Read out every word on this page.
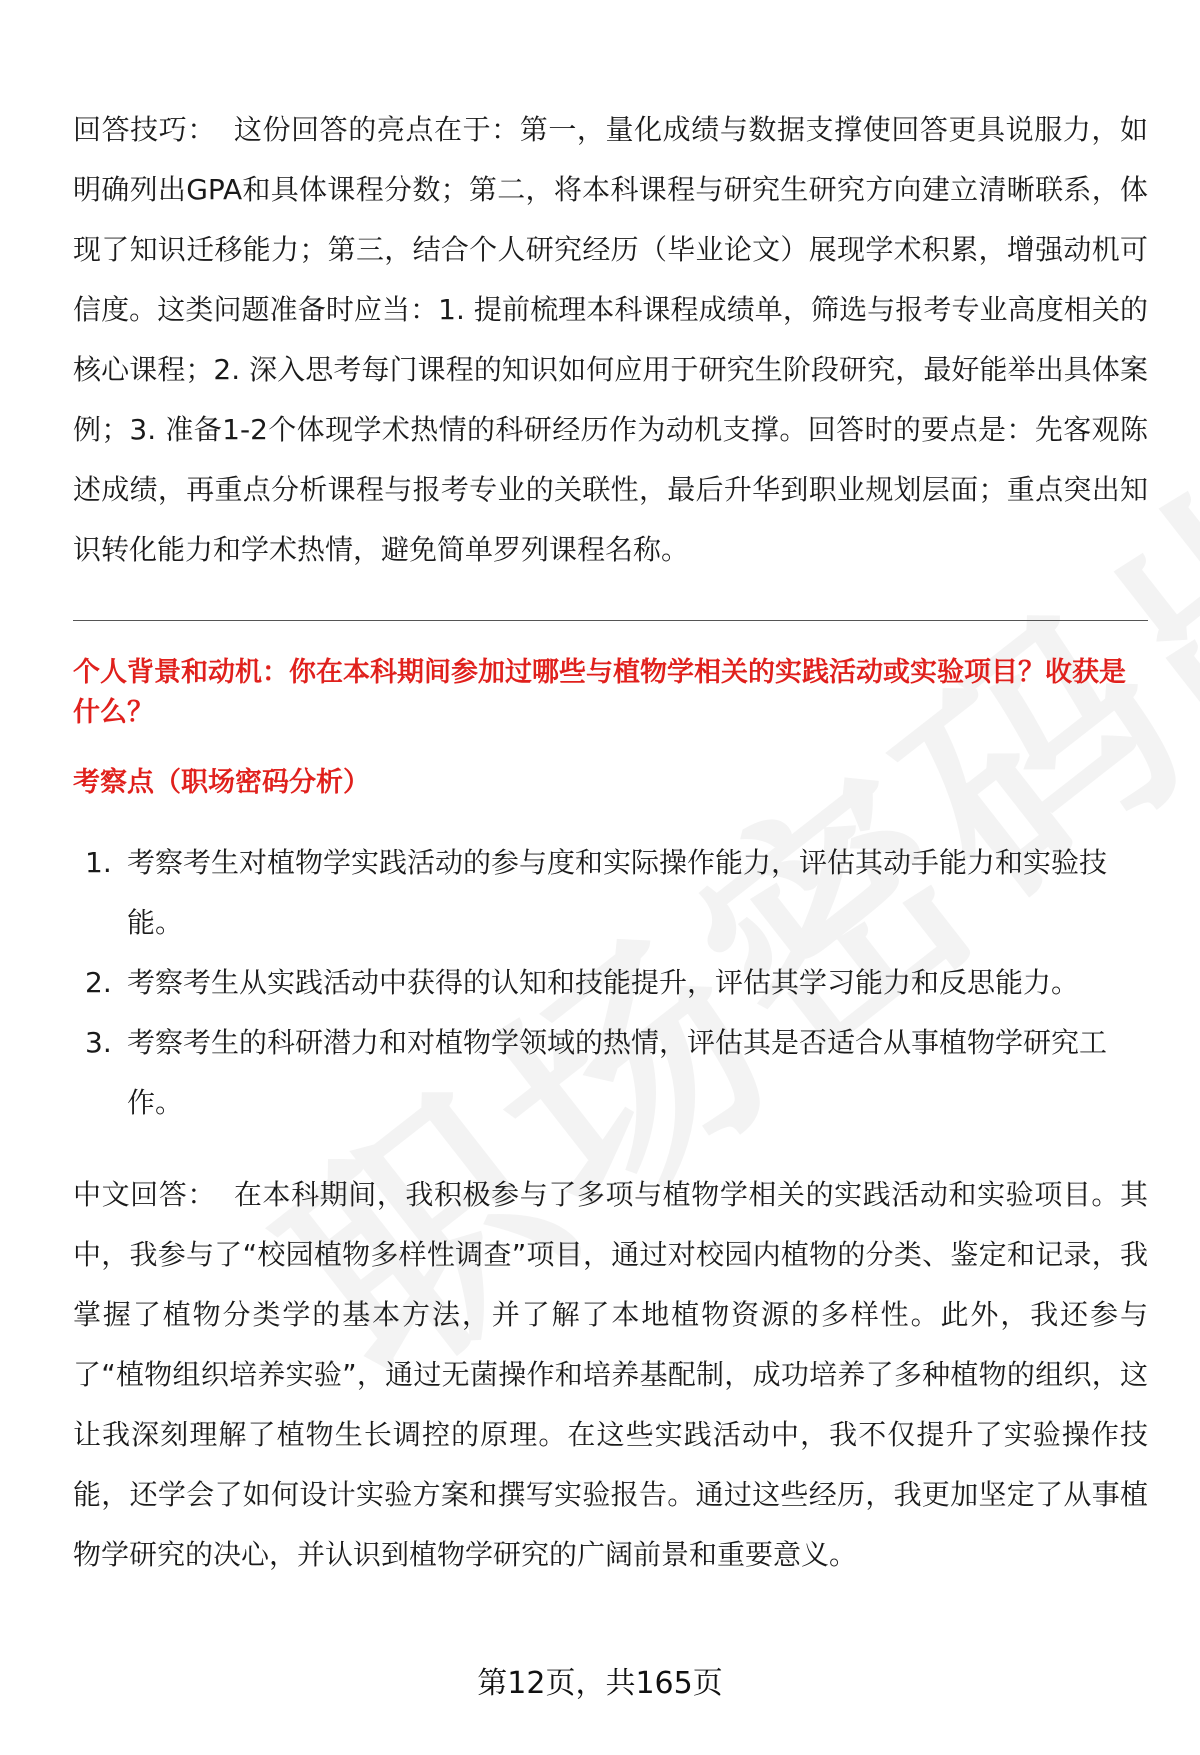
回答技巧： 这份回答的亮点在于：第一，量化成绩与数据支撑使回答更具说服力，如明确列出GPA和具体课程分数；第二，将本科课程与研究生研究方向建立清晰联系，体现了知识迁移能力；第三，结合个人研究经历（毕业论文）展现学术积累，增强动机可信度。这类问题准备时应当：1. 提前梳理本科课程成绩单，筛选与报考专业高度相关的核心课程；2. 深入思考每门课程的知识如何应用于研究生阶段研究，最好能举出具体案例；3. 准备1-2个体现学术热情的科研经历作为动机支撑。回答时的要点是：先客观陈述成绩，再重点分析课程与报考专业的关联性，最后升华到职业规划层面；重点突出知识转化能力和学术热情，避免简单罗列课程名称。

个人背景和动机：你在本科期间参加过哪些与植物学相关的实践活动或实验项目？收获是什么？

考察点（职场密码分析）

1. 考察考生对植物学实践活动的参与度和实际操作能力，评估其动手能力和实验技能。
2. 考察考生从实践活动中获得的认知和技能提升，评估其学习能力和反思能力。
3. 考察考生的科研潜力和对植物学领域的热情，评估其是否适合从事植物学研究工作。

中文回答： 在本科期间，我积极参与了多项与植物学相关的实践活动和实验项目。其中，我参与了“校园植物多样性调查”项目，通过对校园内植物的分类、鉴定和记录，我掌握了植物分类学的基本方法，并了解了本地植物资源的多样性。此外，我还参与了“植物组织培养实验”，通过无菌操作和培养基配制，成功培养了多种植物的组织，这让我深刻理解了植物生长调控的原理。在这些实践活动中，我不仅提升了实验操作技能，还学会了如何设计实验方案和撰写实验报告。通过这些经历，我更加坚定了从事植物学研究的决心，并认识到植物学研究的广阔前景和重要意义。

第12页，共165页
